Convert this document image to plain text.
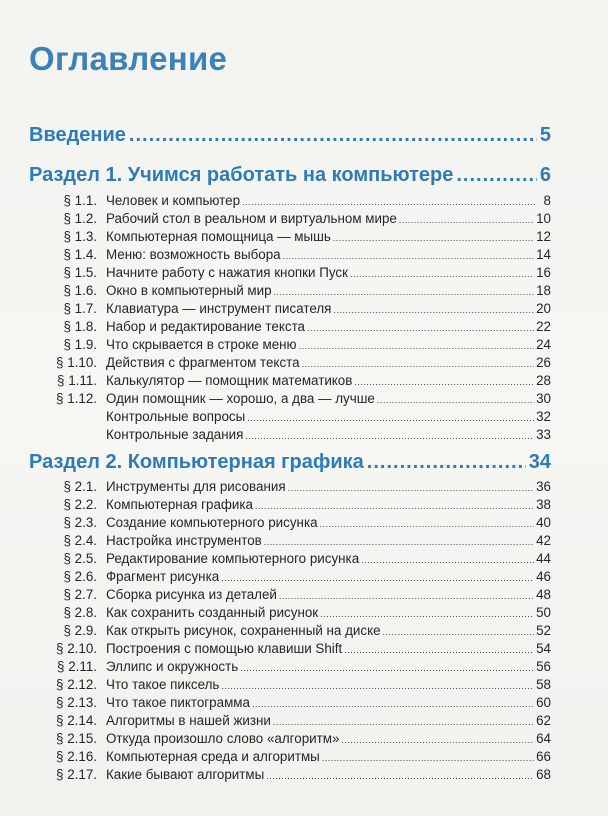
Оглавление
Введение .....	5
Раздел 1. Учимся работать на компьютере .....	6
§ 1.1. Человек и компьютер .....	8
§ 1.2. Рабочий стол в реальном и виртуальном мире .....	10
§ 1.3. Компьютерная помощница — мышь .....	12
§ 1.4. Меню: возможность выбора .....	14
§ 1.5. Начните работу с нажатия кнопки Пуск .....	16
§ 1.6. Окно в компьютерный мир .....	18
§ 1.7. Клавиатура — инструмент писателя .....	20
§ 1.8. Набор и редактирование текста .....	22
§ 1.9. Что скрывается в строке меню .....	24
§ 1.10. Действия с фрагментом текста .....	26
§ 1.11. Калькулятор — помощник математиков .....	28
§ 1.12. Один помощник — хорошо, а два — лучше .....	30
Контрольные вопросы .....	32
Контрольные задания .....	33
Раздел 2. Компьютерная графика .....	34
§ 2.1. Инструменты для рисования .....	36
§ 2.2. Компьютерная графика .....	38
§ 2.3. Создание компьютерного рисунка .....	40
§ 2.4. Настройка инструментов .....	42
§ 2.5. Редактирование компьютерного рисунка .....	44
§ 2.6. Фрагмент рисунка .....	46
§ 2.7. Сборка рисунка из деталей .....	48
§ 2.8. Как сохранить созданный рисунок .....	50
§ 2.9. Как открыть рисунок, сохраненный на диске .....	52
§ 2.10. Построения с помощью клавиши Shift .....	54
§ 2.11. Эллипс и окружность .....	56
§ 2.12. Что такое пиксель .....	58
§ 2.13. Что такое пиктограмма .....	60
§ 2.14. Алгоритмы в нашей жизни .....	62
§ 2.15. Откуда произошло слово «алгоритм» .....	64
§ 2.16. Компьютерная среда и алгоритмы .....	66
§ 2.17. Какие бывают алгоритмы .....	68
